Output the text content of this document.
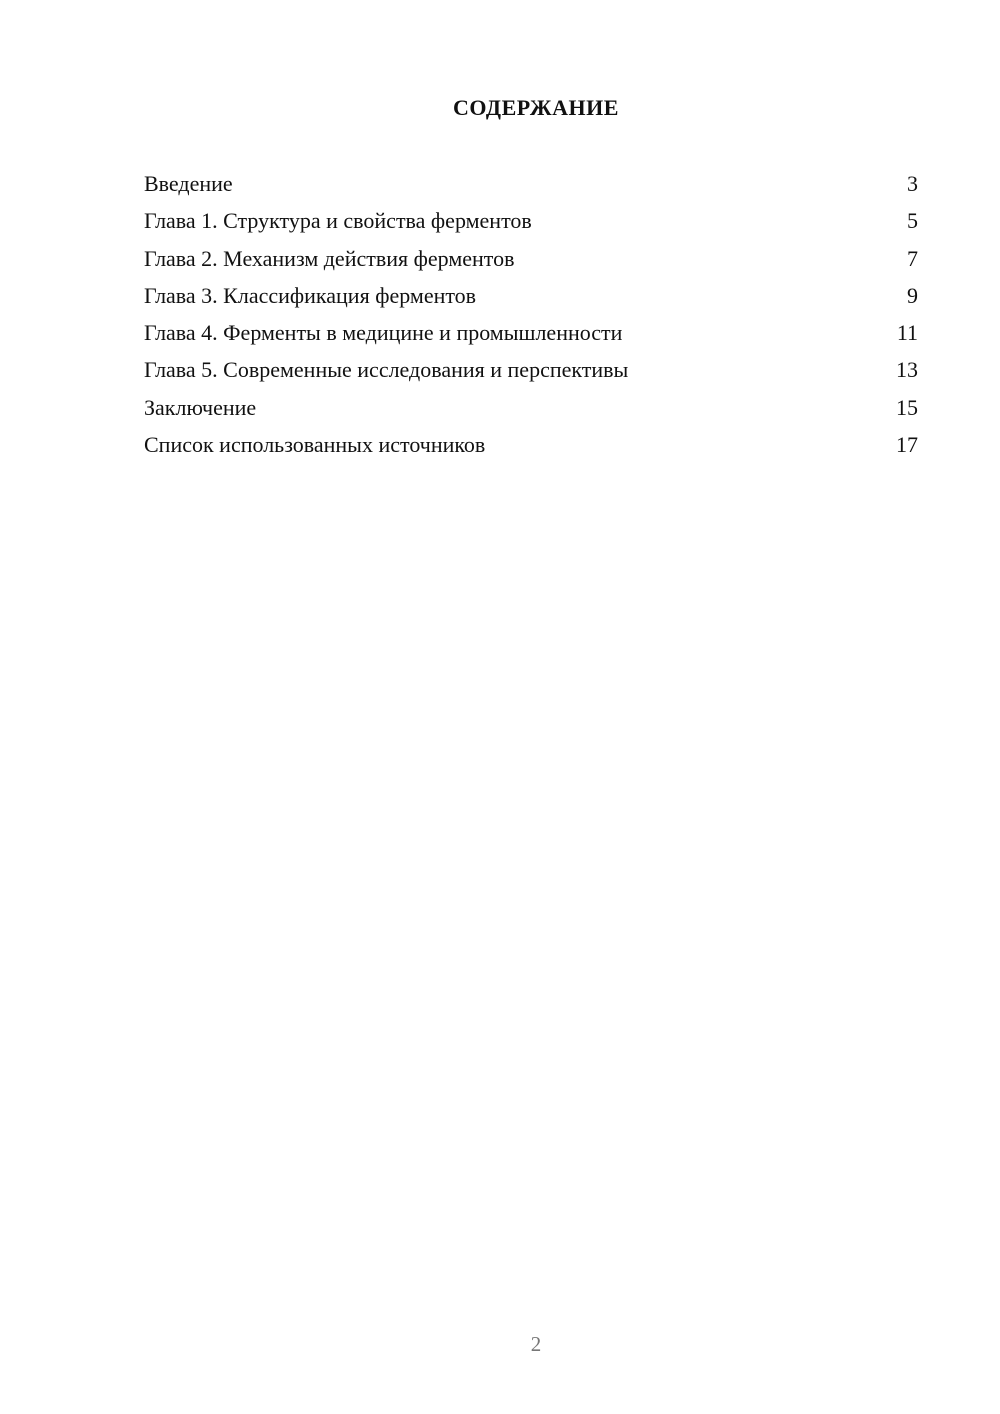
СОДЕРЖАНИЕ
Введение	3
Глава 1. Структура и свойства ферментов	5
Глава 2. Механизм действия ферментов	7
Глава 3. Классификация ферментов	9
Глава 4. Ферменты в медицине и промышленности	11
Глава 5. Современные исследования и перспективы	13
Заключение	15
Список использованных источников	17
2
